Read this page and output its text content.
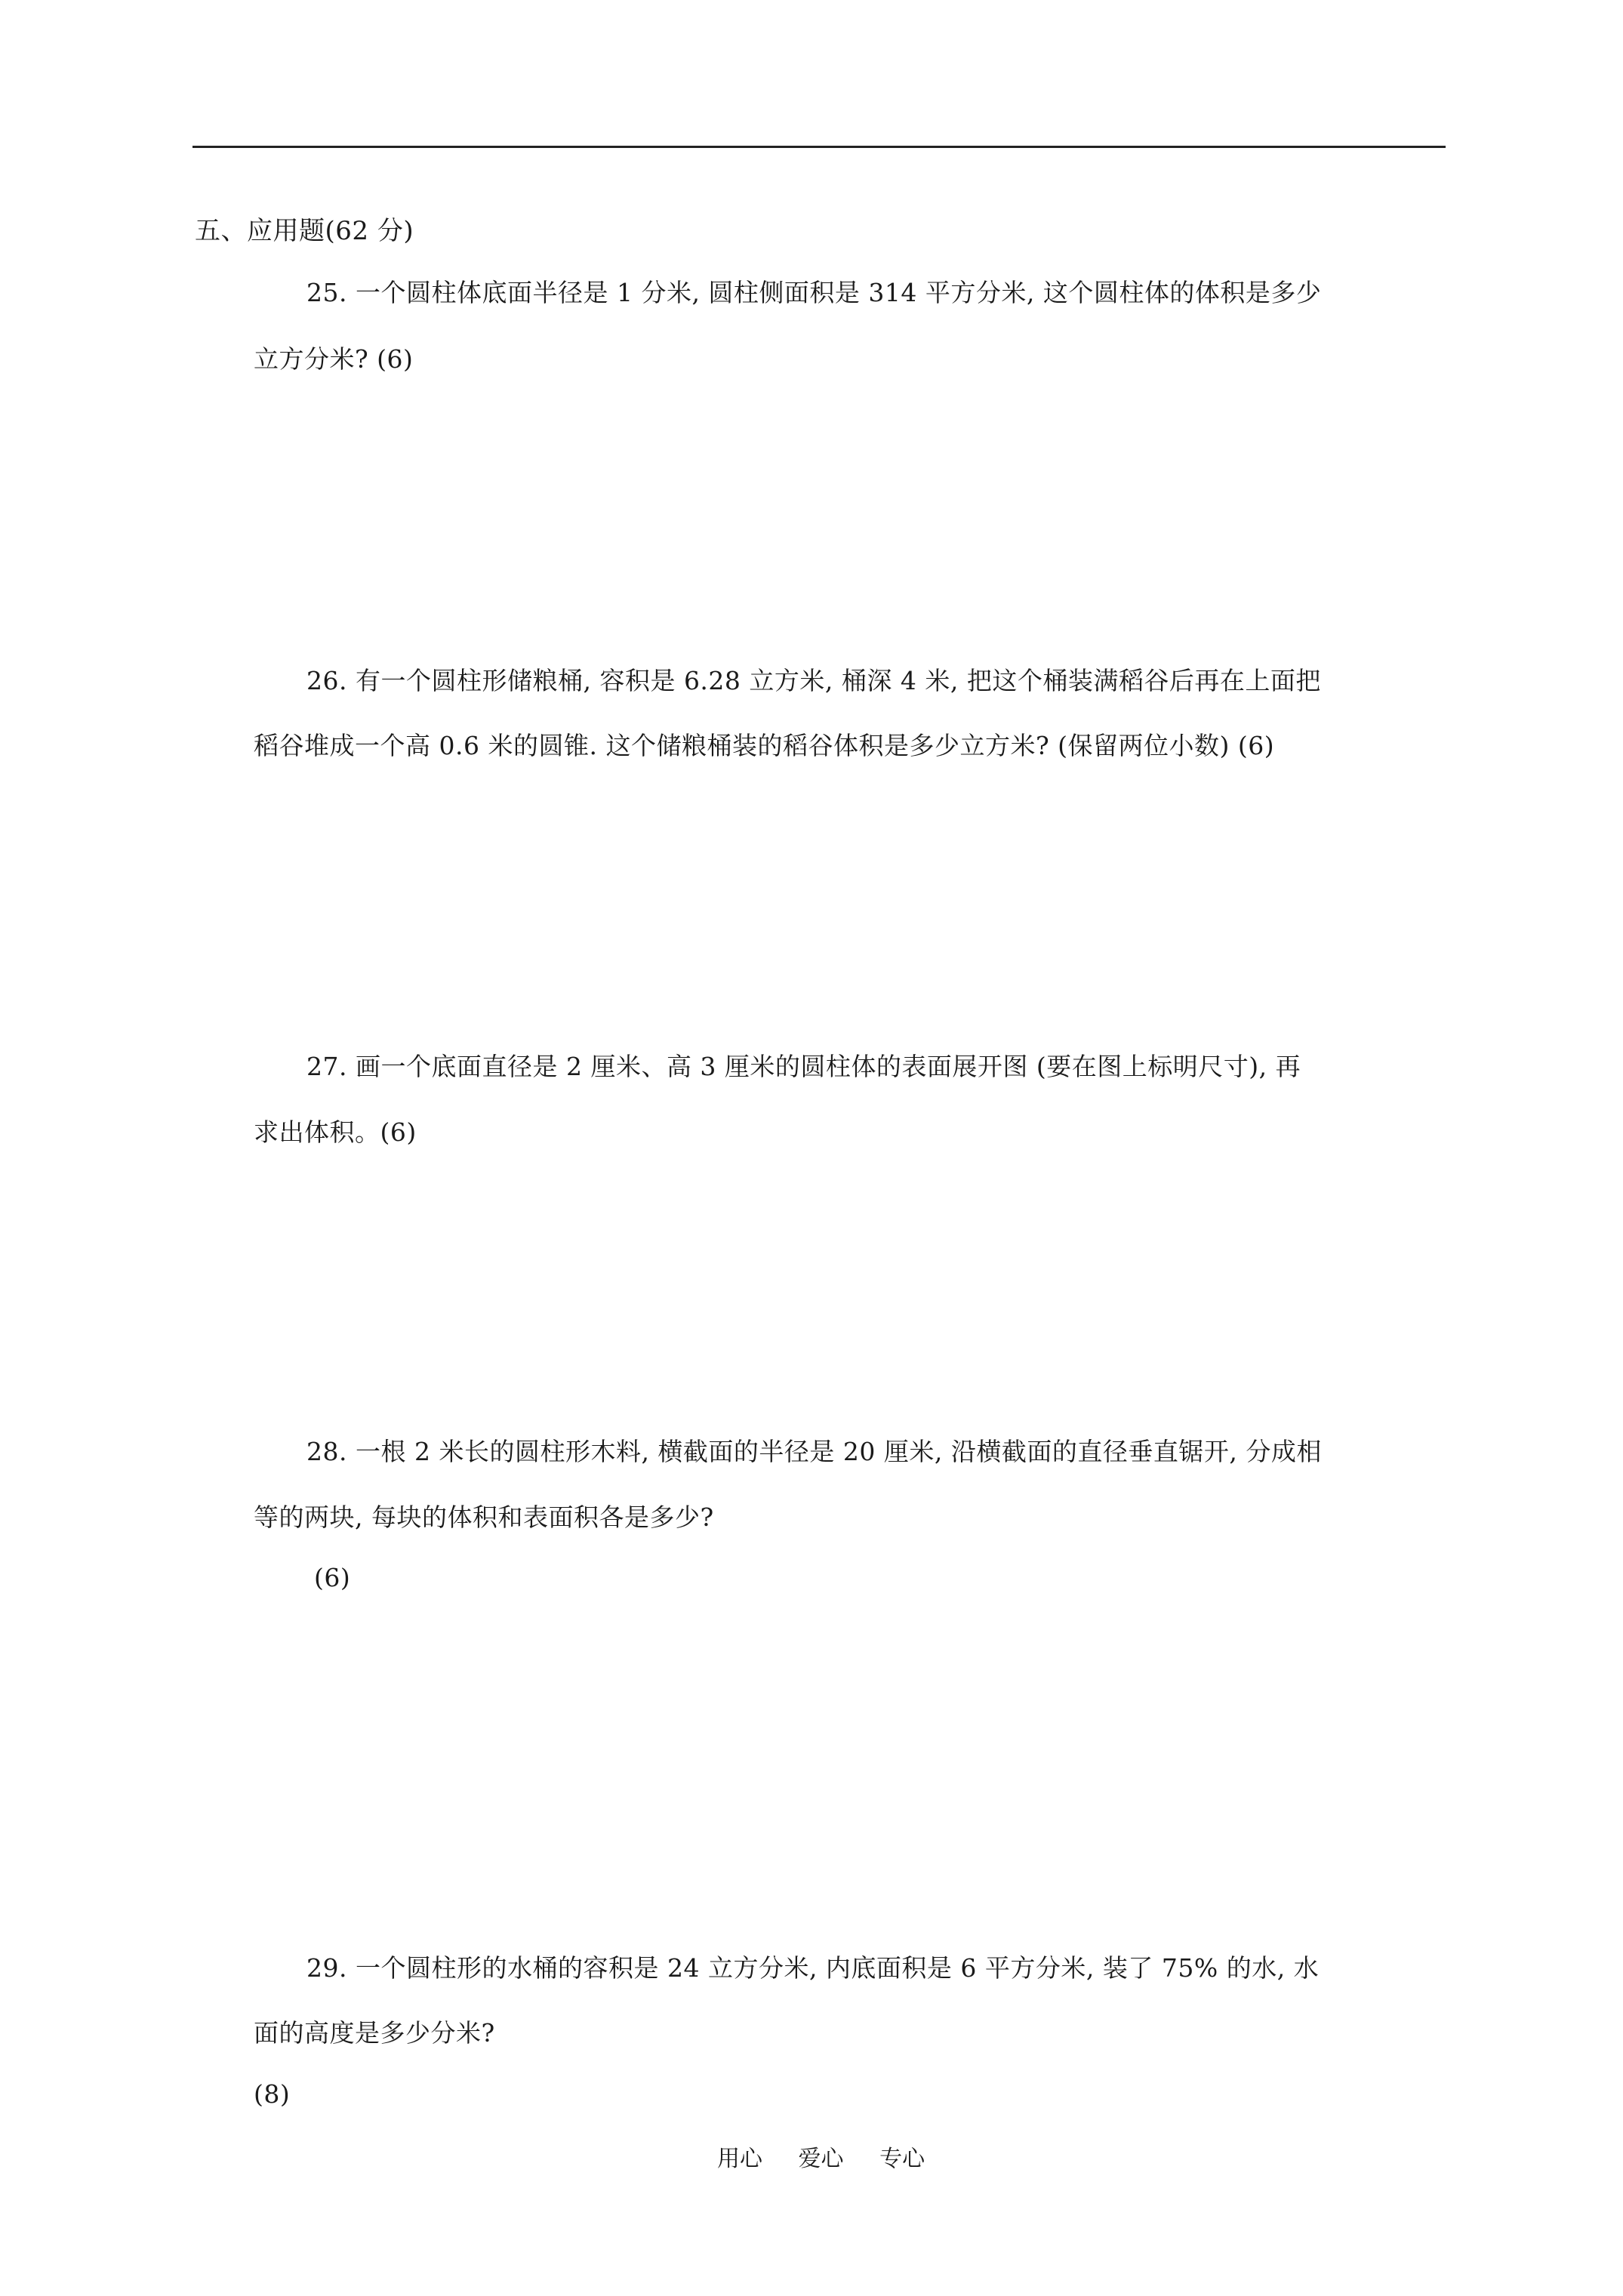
五、应用题(62 分)
25. 一个圆柱体底面半径是 1 分米, 圆柱侧面积是 314 平方分米, 这个圆柱体的体积是多少
立方分米? (6)
26. 有一个圆柱形储粮桶, 容积是 6.28 立方米, 桶深 4 米, 把这个桶装满稻谷后再在上面把
稻谷堆成一个高 0.6 米的圆锥. 这个储粮桶装的稻谷体积是多少立方米? (保留两位小数) (6)
27. 画一个底面直径是 2 厘米、高 3 厘米的圆柱体的表面展开图 (要在图上标明尺寸), 再
求出体积。(6)
28. 一根 2 米长的圆柱形木料, 横截面的半径是 20 厘米, 沿横截面的直径垂直锯开, 分成相
等的两块, 每块的体积和表面积各是多少?
(6)
29. 一个圆柱形的水桶的容积是 24 立方分米, 内底面积是 6 平方分米, 装了 75% 的水, 水
面的高度是多少分米?
(8)
用心 爱心 专心
